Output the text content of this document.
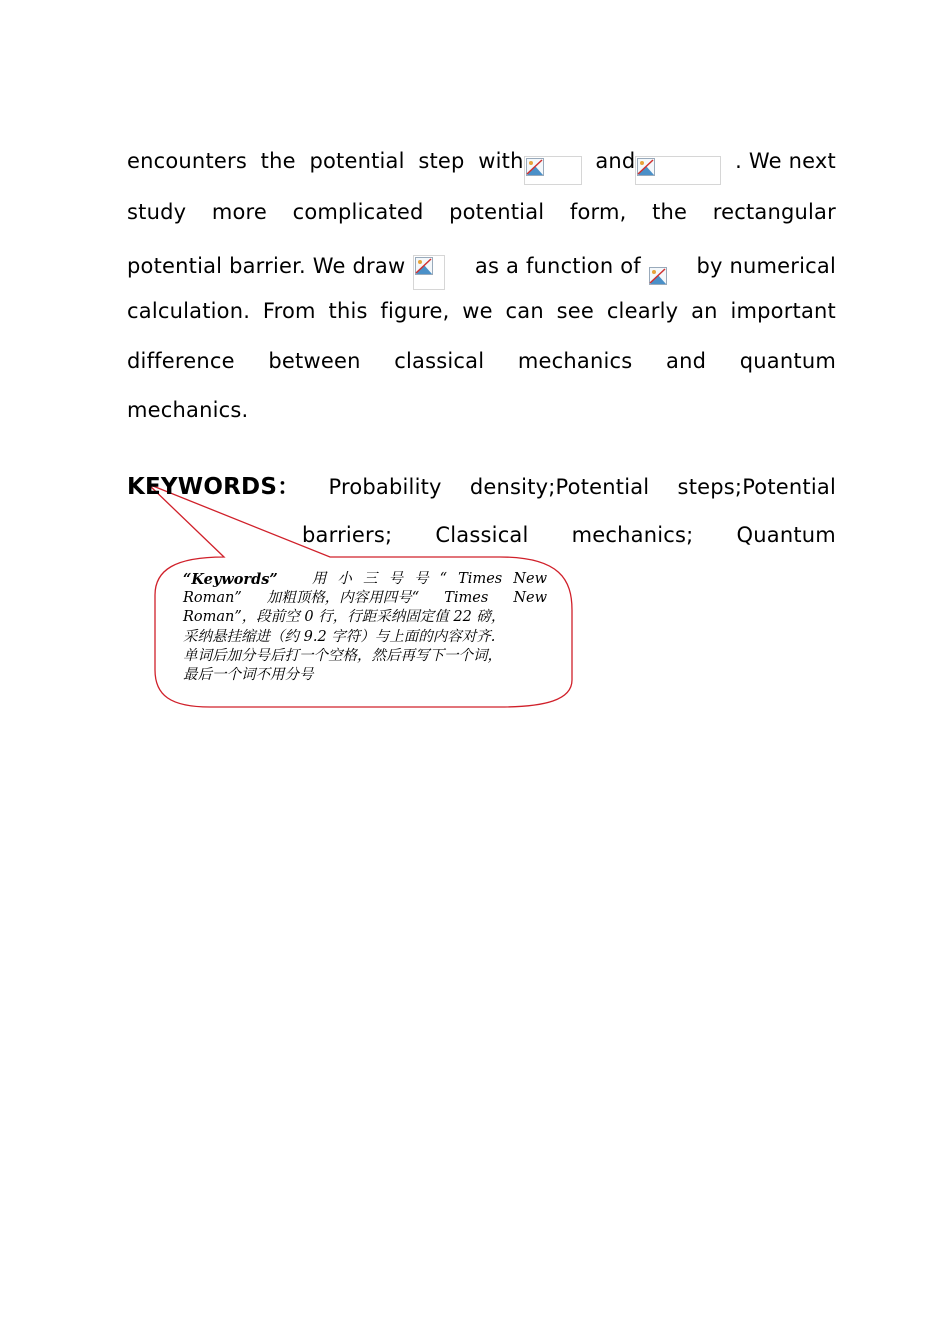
encounters the potential step with	and	. We next
study more complicated potential form, the rectangular
potential barrier. We draw	as a function of	by numerical
calculation. From this figure, we can see clearly an important
difference between classical mechanics and quantum
mechanics.
KEYWORDS： Probability density;Potential steps;Potential
barriers; Classical mechanics; Quantum
“Keywords” 用 小 三 号 号 “ Times New
Roman” 加粗顶格，内容用四号“ Times New
Roman”，段前空 0 行，行距采纳固定值 22 磅，
采纳悬挂缩进（约 9.2 字符）与上面的内容对齐.
单词后加分号后打一个空格，然后再写下一个词，
最后一个词不用分号
